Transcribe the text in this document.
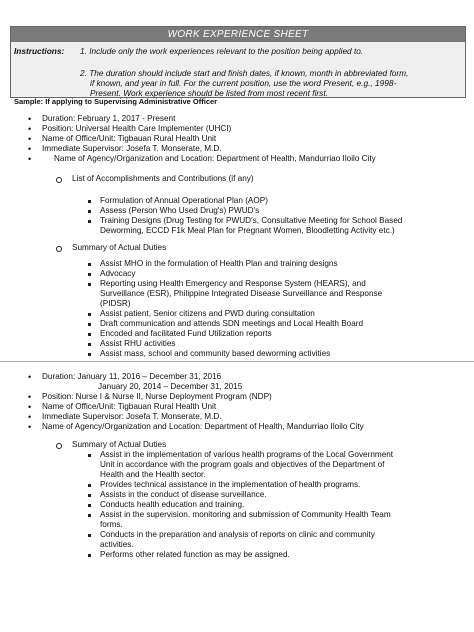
WORK EXPERIENCE SHEET
Instructions: 1. Include only the work experiences relevant to the position being applied to.
2. The duration should include start and finish dates, if known, month in abbreviated form,
if known, and year in full. For the current position, use the word Present, e.g., 1998-
Present. Work experience should be listed from most recent first.
Sample: If applying to Supervising Administrative Officer
• Duration: February 1, 2017 - Present
• Position: Universal Health Care Implementer (UHCI)
• Name of Office/Unit: Tigbauan Rural Health Unit
• Immediate Supervisor: Josefa T. Monserate, M.D.
•	Name of Agency/Organization and Location: Department of Health, Mandurriao Iloilo City
List of Accomplishments and Contributions (if any)
Formulation of Annual Operational Plan (AOP)
Assess (Person Who Used Drug's) PWUD's
Training Designs (Drug Testing for PWUD's, Consultative Meeting for School Based
Deworming, ECCD F1k Meal Plan for Pregnant Women, Bloodletting Activity etc.)
Summary of Actual Duties
Assist MHO in the formulation of Health Plan and training designs
Advocacy
Reporting using Health Emergency and Response System (HEARS), and
Surveillance (ESR), Philippine Integrated Disease Surveillance and Response
(PIDSR)
Assist patient, Senior citizens and PWD during consultation
Draft communication and attends SDN meetings and Local Health Board
Encoded and facilitated Fund Utilization reports
Assist RHU activities
Assist mass, school and community based deworming activities
• Duration: January 11, 2016 – December 31, 2016
January 20, 2014 – December 31, 2015
• Position: Nurse I & Nurse II, Nurse Deployment Program (NDP)
• Name of Office/Unit: Tigbauan Rural Health Unit
• Immediate Supervisor: Josefa T. Monserate, M.D.
• Name of Agency/Organization and Location: Department of Health, Mandurriao Iloilo City
Summary of Actual Duties
Assist in the implementation of various health programs of the Local Government
Unit in accordance with the program goals and objectives of the Department of
Health and the Health sector.
Provides technical assistance in the implementation of health programs.
Assists in the conduct of disease surveillance.
Conducts health education and training.
Assist in the supervision. monitoring and submission of Community Health Team
forms.
Conducts in the preparation and analysis of reports on clinic and community
activities.
Performs other related function as may be assigned.
